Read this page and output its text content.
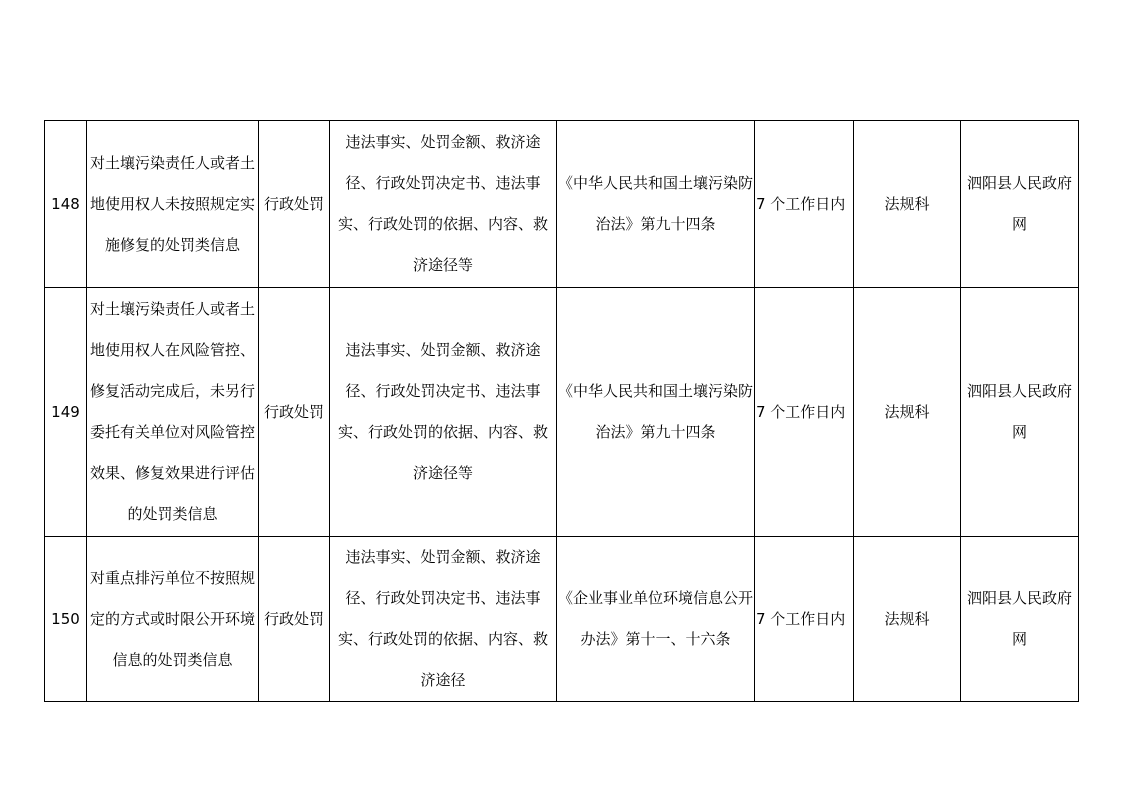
148	对土壤污染责任人或者土地使用权人未按照规定实施修复的处罚类信息	行政处罚	违法事实、处罚金额、救济途径、行政处罚决定书、违法事实、行政处罚的依据、内容、救济途径等	《中华人民共和国土壤污染防治法》第九十四条	7 个工作日内	法规科	泗阳县人民政府网
149	对土壤污染责任人或者土地使用权人在风险管控、修复活动完成后，未另行委托有关单位对风险管控效果、修复效果进行评估的处罚类信息	行政处罚	违法事实、处罚金额、救济途径、行政处罚决定书、违法事实、行政处罚的依据、内容、救济途径等	《中华人民共和国土壤污染防治法》第九十四条	7 个工作日内	法规科	泗阳县人民政府网
150	对重点排污单位不按照规定的方式或时限公开环境信息的处罚类信息	行政处罚	违法事实、处罚金额、救济途径、行政处罚决定书、违法事实、行政处罚的依据、内容、救济途径	《企业事业单位环境信息公开办法》第十一、十六条	7 个工作日内	法规科	泗阳县人民政府网
